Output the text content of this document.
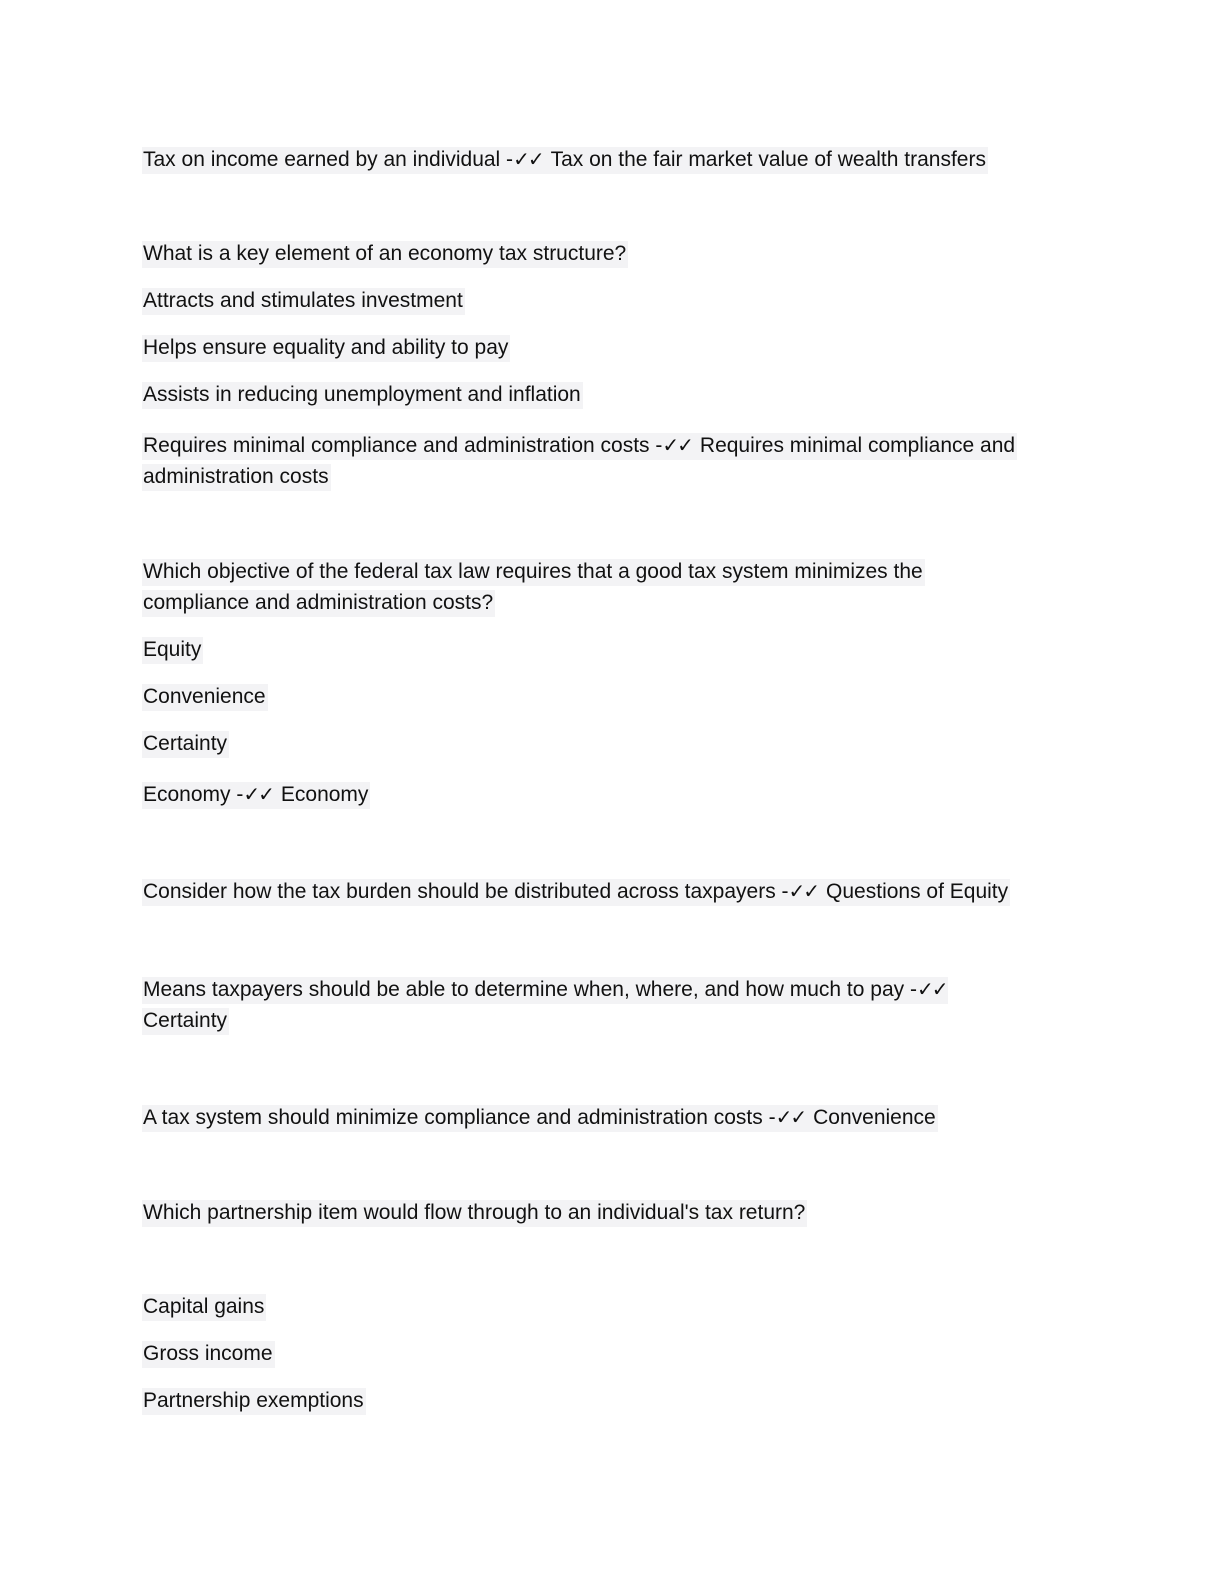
Tax on income earned by an individual -✓✓ Tax on the fair market value of wealth transfers
What is a key element of an economy tax structure?
Attracts and stimulates investment
Helps ensure equality and ability to pay
Assists in reducing unemployment and inflation
Requires minimal compliance and administration costs -✓✓ Requires minimal compliance and
administration costs
Which objective of the federal tax law requires that a good tax system minimizes the
compliance and administration costs?
Equity
Convenience
Certainty
Economy -✓✓ Economy
Consider how the tax burden should be distributed across taxpayers -✓✓ Questions of Equity
Means taxpayers should be able to determine when, where, and how much to pay -✓✓
Certainty
A tax system should minimize compliance and administration costs -✓✓ Convenience
Which partnership item would flow through to an individual's tax return?
Capital gains
Gross income
Partnership exemptions
